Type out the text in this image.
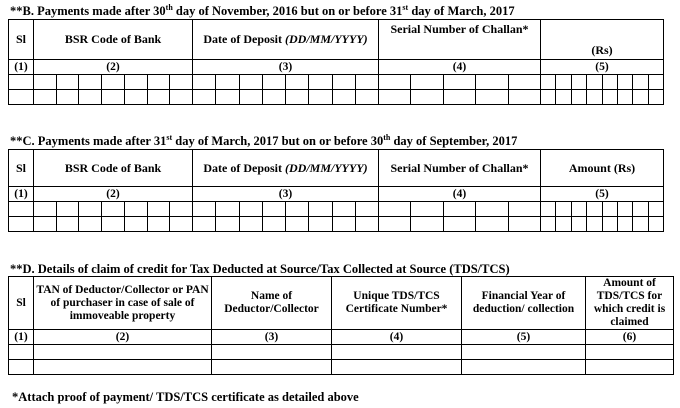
**B. Payments made after 30th day of November, 2016 but on or before 31st day of March, 2017
Sl	BSR Code of Bank	Date of Deposit (DD/MM/YYYY)	Serial Number of Challan*	(Rs)
(1)	(2)	(3)	(4)	(5)

**C. Payments made after 31st day of March, 2017 but on or before 30th day of September, 2017
Sl	BSR Code of Bank	Date of Deposit (DD/MM/YYYY)	Serial Number of Challan*	Amount (Rs)
(1)	(2)	(3)	(4)	(5)

**D. Details of claim of credit for Tax Deducted at Source/Tax Collected at Source (TDS/TCS)
Sl	TAN of Deductor/Collector or PAN of purchaser in case of sale of immoveable property	Name of Deductor/Collector	Unique TDS/TCS Certificate Number*	Financial Year of deduction/ collection	Amount of TDS/TCS for which credit is claimed
(1)	(2)	(3)	(4)	(5)	(6)

*Attach proof of payment/ TDS/TCS certificate as detailed above
